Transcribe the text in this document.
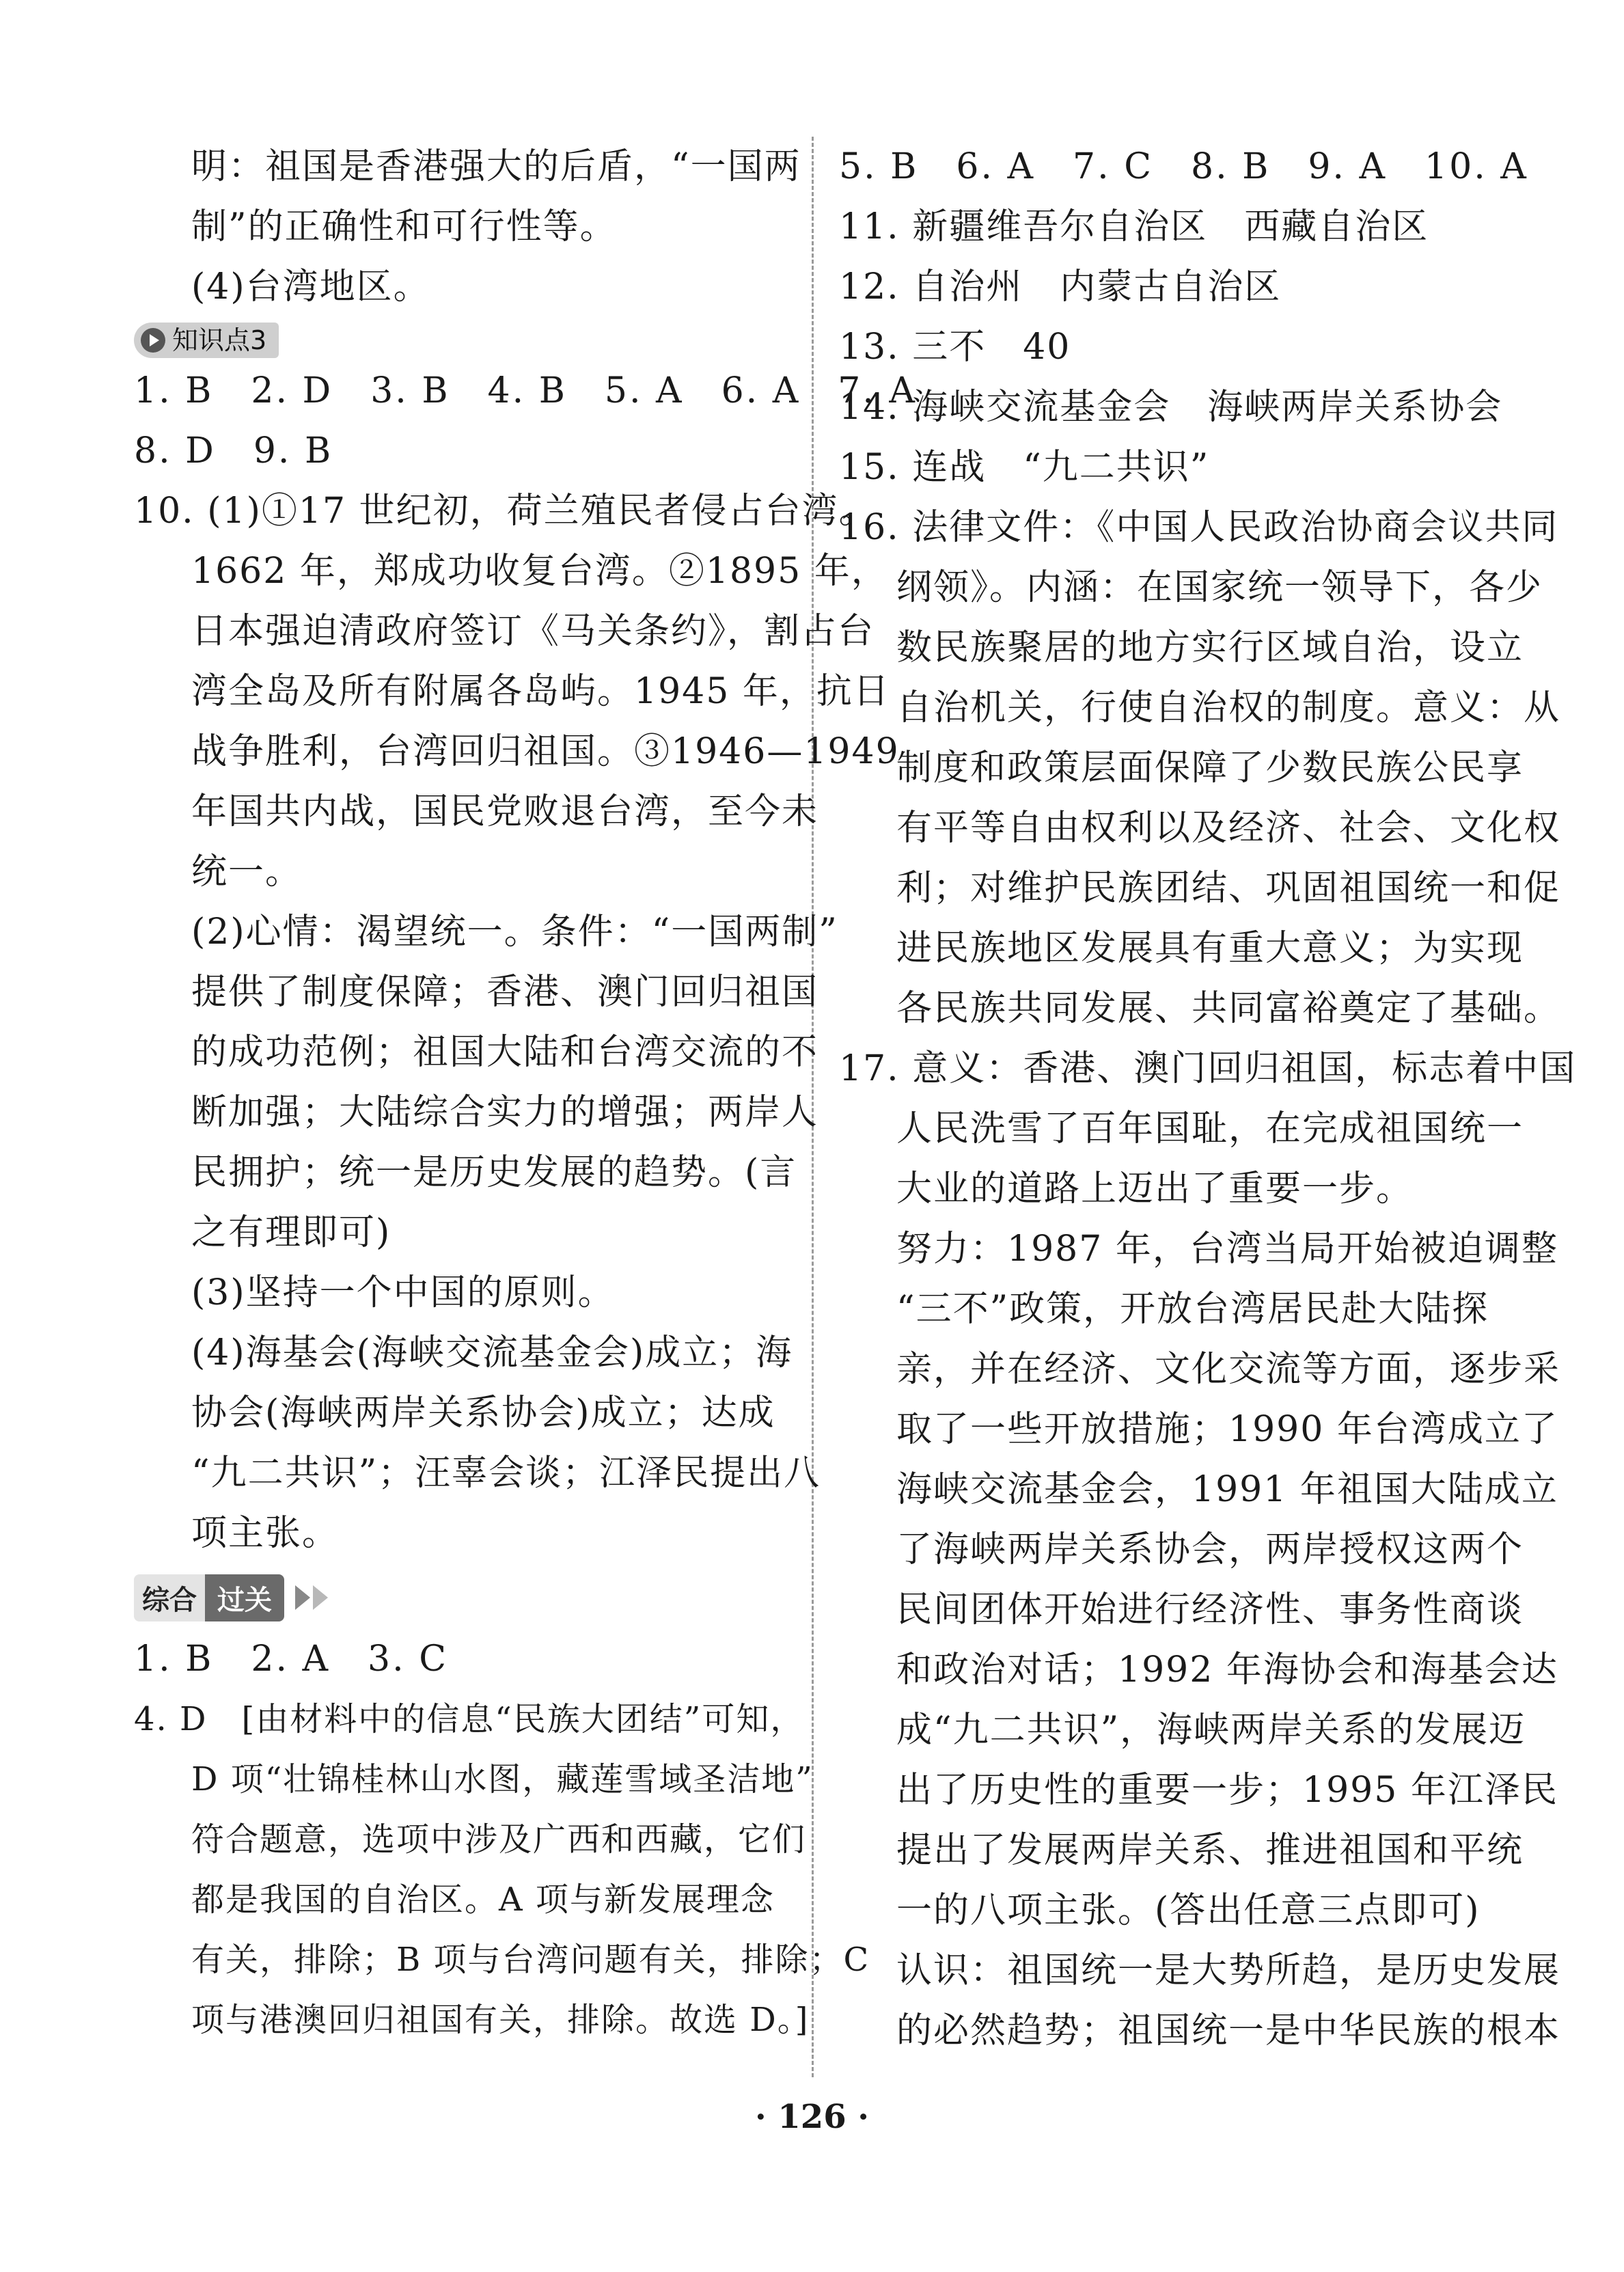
明：祖国是香港强大的后盾，“一国两
制”的正确性和可行性等。
(4)台湾地区。
知识点3
1. B　2. D　3. B　4. B　5. A　6. A　7. A
8. D　9. B
10. (1)①17 世纪初，荷兰殖民者侵占台湾。
1662 年，郑成功收复台湾。②1895 年，
日本强迫清政府签订《马关条约》，割占台
湾全岛及所有附属各岛屿。1945 年，抗日
战争胜利，台湾回归祖国。③1946—1949
年国共内战，国民党败退台湾，至今未
统一。
(2)心情：渴望统一。条件：“一国两制”
提供了制度保障；香港、澳门回归祖国
的成功范例；祖国大陆和台湾交流的不
断加强；大陆综合实力的增强；两岸人
民拥护；统一是历史发展的趋势。(言
之有理即可)
(3)坚持一个中国的原则。
(4)海基会(海峡交流基金会)成立；海
协会(海峡两岸关系协会)成立；达成
“九二共识”；汪辜会谈；江泽民提出八
项主张。
综合 过关
1. B　2. A　3. C
4. D　[由材料中的信息“民族大团结”可知，
D 项“壮锦桂林山水图，藏莲雪域圣洁地”
符合题意，选项中涉及广西和西藏，它们
都是我国的自治区。A 项与新发展理念
有关，排除；B 项与台湾问题有关，排除；C
项与港澳回归祖国有关，排除。故选 D。]
5. B　6. A　7. C　8. B　9. A　10. A
11. 新疆维吾尔自治区　西藏自治区
12. 自治州　内蒙古自治区
13. 三不　40
14. 海峡交流基金会　海峡两岸关系协会
15. 连战　“九二共识”
16. 法律文件：《中国人民政治协商会议共同
纲领》。内涵：在国家统一领导下，各少
数民族聚居的地方实行区域自治，设立
自治机关，行使自治权的制度。意义：从
制度和政策层面保障了少数民族公民享
有平等自由权利以及经济、社会、文化权
利；对维护民族团结、巩固祖国统一和促
进民族地区发展具有重大意义；为实现
各民族共同发展、共同富裕奠定了基础。
17. 意义：香港、澳门回归祖国，标志着中国
人民洗雪了百年国耻，在完成祖国统一
大业的道路上迈出了重要一步。
努力：1987 年，台湾当局开始被迫调整
“三不”政策，开放台湾居民赴大陆探
亲，并在经济、文化交流等方面，逐步采
取了一些开放措施；1990 年台湾成立了
海峡交流基金会，1991 年祖国大陆成立
了海峡两岸关系协会，两岸授权这两个
民间团体开始进行经济性、事务性商谈
和政治对话；1992 年海协会和海基会达
成“九二共识”，海峡两岸关系的发展迈
出了历史性的重要一步；1995 年江泽民
提出了发展两岸关系、推进祖国和平统
一的八项主张。(答出任意三点即可)
认识：祖国统一是大势所趋，是历史发展
的必然趋势；祖国统一是中华民族的根本
· 126 ·
